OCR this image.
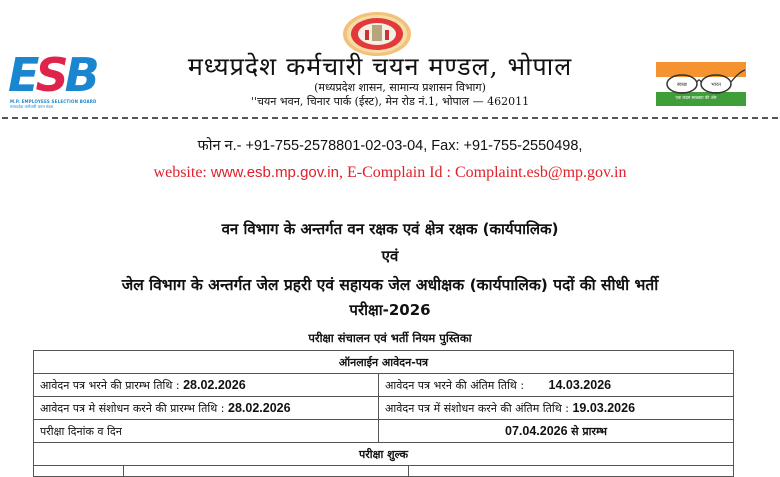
ESB
M.P. EMPLOYEES SELECTION BOARD
मध्यप्रदेश कर्मचारी चयन मंडल
स्वच्छ	भारत
एक कदम स्वच्छता की ओर
मध्यप्रदेश कर्मचारी चयन मण्डल, भोपाल
(मध्यप्रदेश शासन, सामान्य प्रशासन विभाग)
''चयन भवन, चिनार पार्क (ईस्ट), मेन रोड नं.1, भोपाल — 462011
फोन न.- +91-755-2578801-02-03-04, Fax: +91-755-2550498,
website: www.esb.mp.gov.in, E-Complain Id : Complaint.esb@mp.gov.in
वन विभाग के अन्तर्गत वन रक्षक एवं क्षेत्र रक्षक (कार्यपालिक)
एवं
जेल विभाग के अन्तर्गत जेल प्रहरी एवं सहायक जेल अधीक्षक (कार्यपालिक) पदों की सीधी भर्ती
परीक्षा-2026
परीक्षा संचालन एवं भर्ती नियम पुस्तिका
ऑनलाईन आवेदन-पत्र			
आवेदन पत्र भरने की प्रारम्भ तिथि : 28.02.2026		आवेदन पत्र भरने की अंतिम तिथि : 14.03.2026	
आवेदन पत्र मे संशोधन करने की प्रारम्भ तिथि : 28.02.2026		आवेदन पत्र में संशोधन करने की अंतिम तिथि : 19.03.2026	
परीक्षा दिनांक व दिन		07.04.2026 से प्रारम्भ	
परीक्षा शुल्क			
